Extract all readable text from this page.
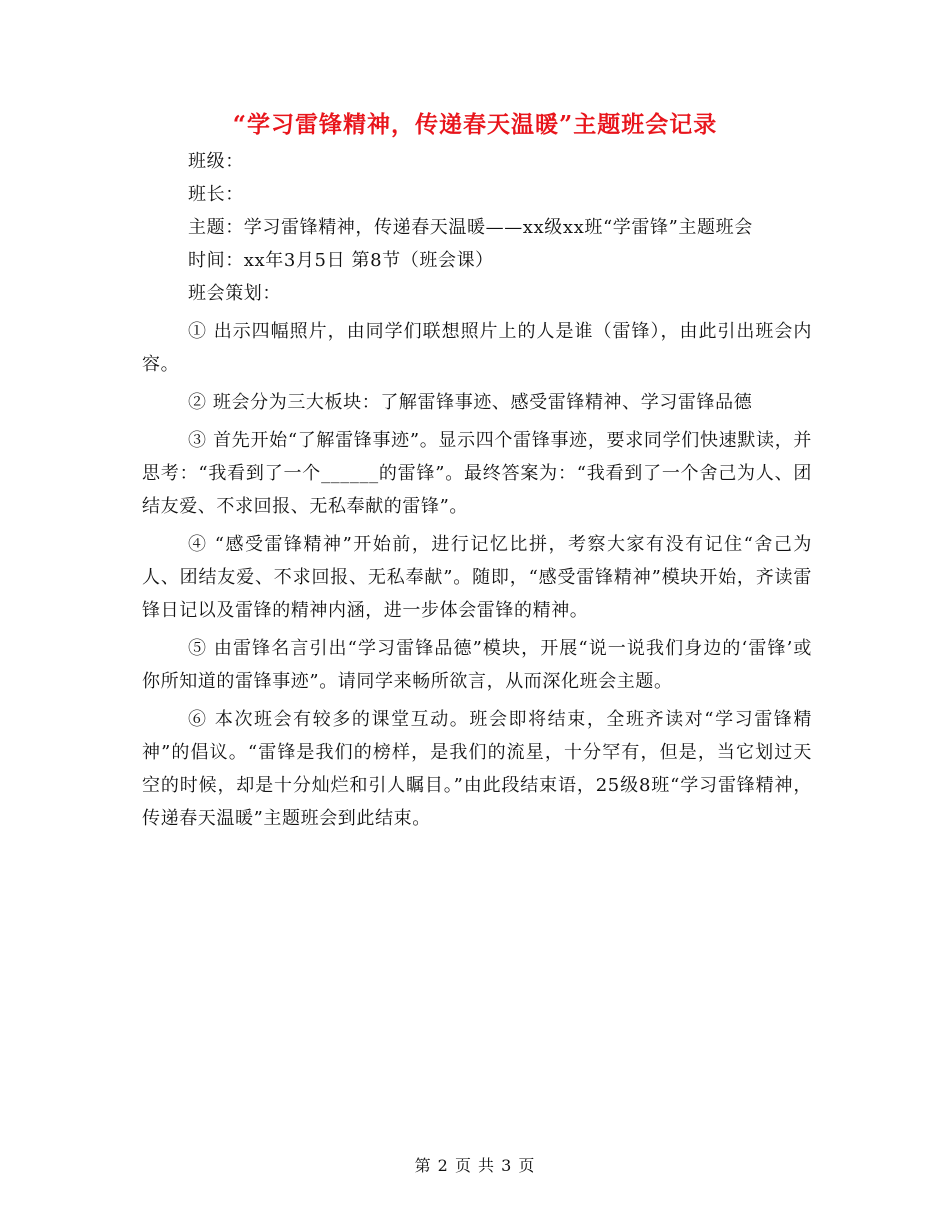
“学习雷锋精神，传递春天温暖”主题班会记录

班级：

班长：

主题：学习雷锋精神，传递春天温暖——xx级xx班“学雷锋”主题班会

时间：xx年3月5日 第8节（班会课）

班会策划：

① 出示四幅照片，由同学们联想照片上的人是谁（雷锋），由此引出班会内容。

② 班会分为三大板块：了解雷锋事迹、感受雷锋精神、学习雷锋品德

③ 首先开始“了解雷锋事迹”。显示四个雷锋事迹，要求同学们快速默读，并思考：“我看到了一个______的雷锋”。最终答案为：“我看到了一个舍己为人、团结友爱、不求回报、无私奉献的雷锋”。

④ “感受雷锋精神”开始前，进行记忆比拼，考察大家有没有记住“舍己为人、团结友爱、不求回报、无私奉献”。随即，“感受雷锋精神”模块开始，齐读雷锋日记以及雷锋的精神内涵，进一步体会雷锋的精神。

⑤ 由雷锋名言引出“学习雷锋品德”模块，开展“说一说我们身边的‘雷锋’或你所知道的雷锋事迹”。请同学来畅所欲言，从而深化班会主题。

⑥ 本次班会有较多的课堂互动。班会即将结束，全班齐读对“学习雷锋精神”的倡议。“雷锋是我们的榜样，是我们的流星，十分罕有，但是，当它划过天空的时候，却是十分灿烂和引人瞩目。”由此段结束语，25级8班“学习雷锋精神，传递春天温暖”主题班会到此结束。

第 2 页 共 3 页
